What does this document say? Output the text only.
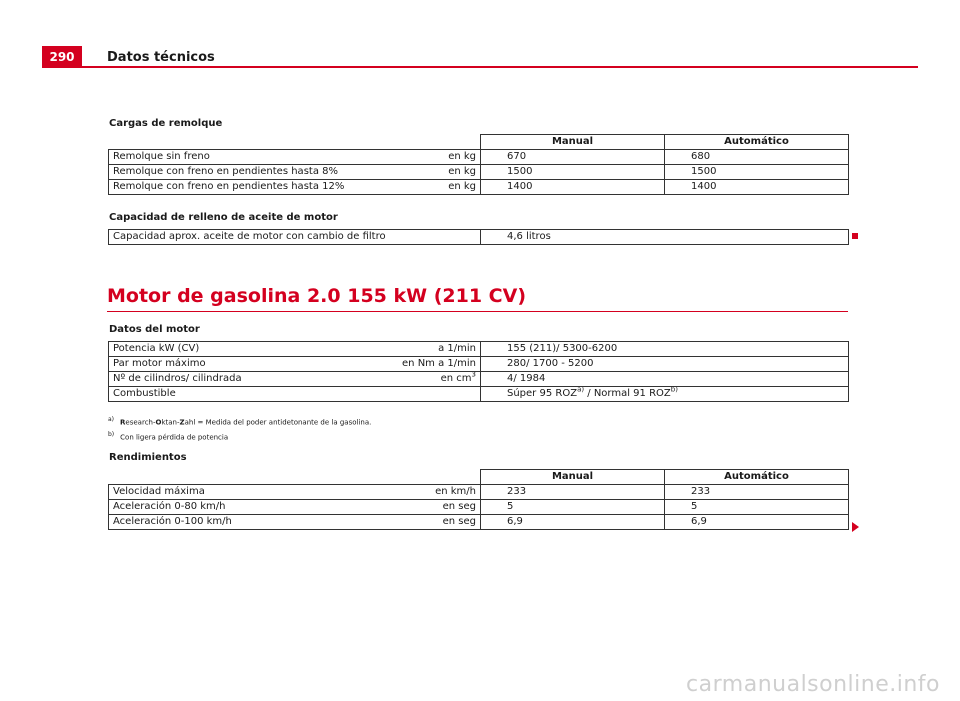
290	Datos técnicos
Cargas de remolque
	Manual	Automático

Remolque sin freno en kg	670	680

Remolque con freno en pendientes hasta 8% en kg	1500	1500

Remolque con freno en pendientes hasta 12% en kg	1400	1400
Capacidad de relleno de aceite de motor
Capacidad aprox. aceite de motor con cambio de filtro	4,6 litros
Motor de gasolina 2.0 155 kW (211 CV)
Datos del motor
Potencia kW (CV) a 1/min	155 (211)/ 5300-6200

Par motor máximo en Nm a 1/min	280/ 1700 - 5200

Nº de cilindros/ cilindrada en $cm^3$	4/ 1984
Combustible	Súper 95 ROZ$^{a)}$ / Normal 91 ROZ$^{b)}$
a) Research-Oktan-Zahl = Medida del poder antidetonante de la gasolina.
b) Con ligera pérdida de potencia
Rendimientos
	Manual	Automático

Velocidad máxima en km/h	233	233

Aceleración 0-80 km/h en seg	5	5

Aceleración 0-100 km/h en seg	6,9	6,9
carmanualsonline.info
